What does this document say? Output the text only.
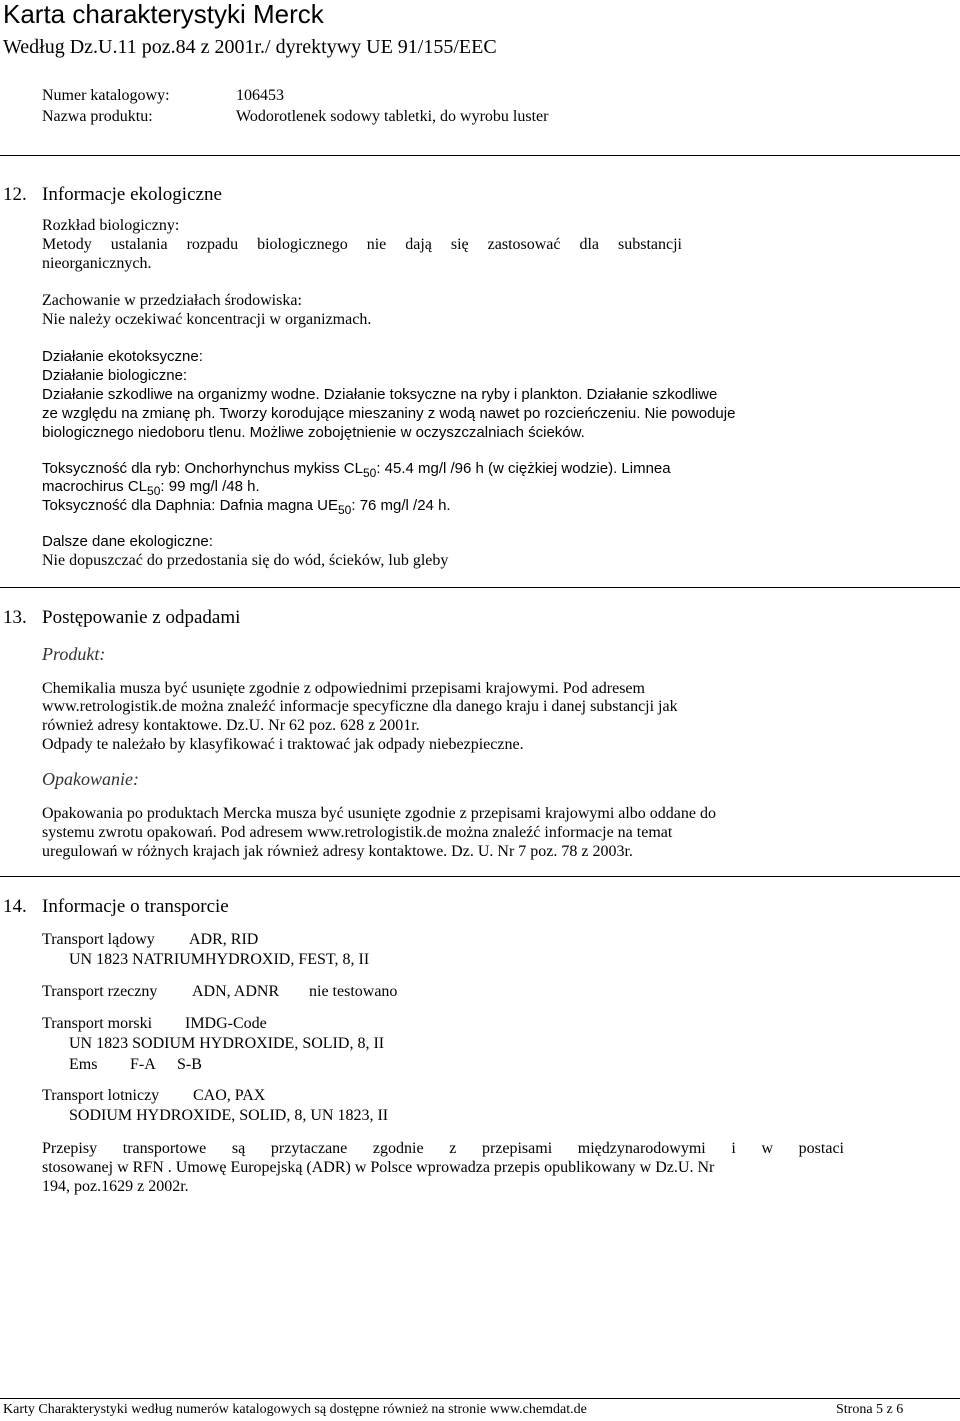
Karta charakterystyki Merck
Według Dz.U.11 poz.84 z 2001r./ dyrektywy UE 91/155/EEC
Numer katalogowy:	106453
Nazwa produktu:	Wodorotlenek sodowy tabletki, do wyrobu luster
12. Informacje ekologiczne
Rozkład biologiczny:
Metody ustalania rozpadu biologicznego nie dają się zastosować dla substancji
nieorganicznych.
Zachowanie w przedziałach środowiska:
Nie należy oczekiwać koncentracji w organizmach.
Działanie ekotoksyczne:
Działanie biologiczne:
Działanie szkodliwe na organizmy wodne. Działanie toksyczne na ryby i plankton. Działanie szkodliwe
ze względu na zmianę ph. Tworzy korodujące mieszaniny z wodą nawet po rozcieńczeniu. Nie powoduje
biologicznego niedoboru tlenu. Możliwe zobojętnienie w oczyszczalniach ścieków.
Toksyczność dla ryb: Onchorhynchus mykiss $CL_{50}$: 45.4 mg/l /96 h (w ciężkiej wodzie). Limnea
macrochirus $CL_{50}$: 99 mg/l /48 h.
Toksyczność dla Daphnia: Dafnia magna $UE_{50}$: 76 mg/l /24 h.
Dalsze dane ekologiczne:
Nie dopuszczać do przedostania się do wód, ścieków, lub gleby
13. Postępowanie z odpadami
Produkt:
Chemikalia musza być usunięte zgodnie z odpowiednimi przepisami krajowymi. Pod adresem
www.retrologistik.de można znaleźć informacje specyficzne dla danego kraju i danej substancji jak
również adresy kontaktowe. Dz.U. Nr 62 poz. 628 z 2001r.
Odpady te należało by klasyfikować i traktować jak odpady niebezpieczne.
Opakowanie:
Opakowania po produktach Mercka musza być usunięte zgodnie z przepisami krajowymi albo oddane do
systemu zwrotu opakowań. Pod adresem www.retrologistik.de można znaleźć informacje na temat
uregulowań w różnych krajach jak również adresy kontaktowe. Dz. U. Nr 7 poz. 78 z 2003r.
14. Informacje o transporcie
Transport lądowy ADR, RID
UN 1823 NATRIUMHYDROXID, FEST, 8, II
Transport rzeczny ADN, ADNR nie testowano
Transport morski IMDG-Code
UN 1823 SODIUM HYDROXIDE, SOLID, 8, II
Ems F-A S-B
Transport lotniczy CAO, PAX
SODIUM HYDROXIDE, SOLID, 8, UN 1823, II
Przepisy transportowe są przytaczane zgodnie z przepisami międzynarodowymi i w postaci
stosowanej w RFN . Umowę Europejską (ADR) w Polsce wprowadza przepis opublikowany w Dz.U. Nr
194, poz.1629 z 2002r.
Karty Charakterystyki według numerów katalogowych są dostępne również na stronie www.chemdat.de	Strona 5 z 6
